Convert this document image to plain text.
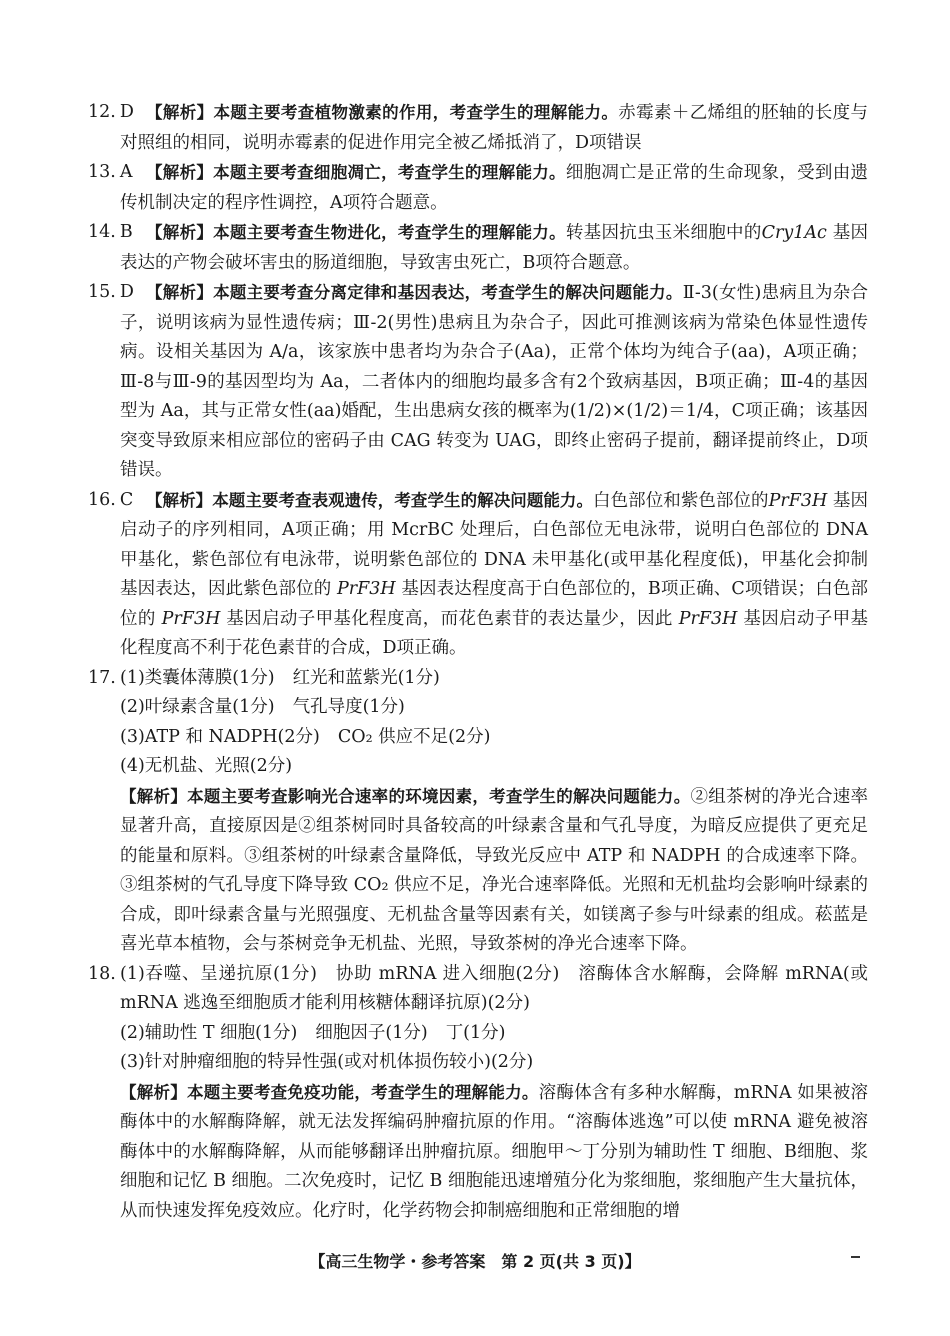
12. D 【解析】本题主要考查植物激素的作用，考查学生的理解能力。赤霉素＋乙烯组的胚轴的长度与对照组的相同，说明赤霉素的促进作用完全被乙烯抵消了，D项错误

13. A 【解析】本题主要考查细胞凋亡，考查学生的理解能力。细胞凋亡是正常的生命现象，受到由遗传机制决定的程序性调控，A项符合题意。

14. B 【解析】本题主要考查生物进化，考查学生的理解能力。转基因抗虫玉米细胞中的Cry1Ac 基因表达的产物会破坏害虫的肠道细胞，导致害虫死亡，B项符合题意。

15. D 【解析】本题主要考查分离定律和基因表达，考查学生的解决问题能力。Ⅱ-3(女性)患病且为杂合子，说明该病为显性遗传病；Ⅲ-2(男性)患病且为杂合子，因此可推测该病为常染色体显性遗传病。设相关基因为 A/a，该家族中患者均为杂合子(Aa)，正常个体均为纯合子(aa)，A项正确；Ⅲ-8与Ⅲ-9的基因型均为 Aa，二者体内的细胞均最多含有2个致病基因，B项正确；Ⅲ-4的基因型为 Aa，其与正常女性(aa)婚配，生出患病女孩的概率为(1/2)×(1/2)＝1/4，C项正确；该基因突变导致原来相应部位的密码子由 CAG 转变为 UAG，即终止密码子提前，翻译提前终止，D项错误。

16. C 【解析】本题主要考查表观遗传，考查学生的解决问题能力。白色部位和紫色部位的PrF3H 基因启动子的序列相同，A项正确；用 McrBC 处理后，白色部位无电泳带，说明白色部位的 DNA 甲基化，紫色部位有电泳带，说明紫色部位的 DNA 未甲基化(或甲基化程度低)，甲基化会抑制基因表达，因此紫色部位的 PrF3H 基因表达程度高于白色部位的，B项正确、C项错误；白色部位的 PrF3H 基因启动子甲基化程度高，而花色素苷的表达量少，因此 PrF3H 基因启动子甲基化程度高不利于花色素苷的合成，D项正确。

17. (1)类囊体薄膜(1分) 红光和蓝紫光(1分)

(2)叶绿素含量(1分) 气孔导度(1分)

(3)ATP 和 NADPH(2分) CO₂ 供应不足(2分)

(4)无机盐、光照(2分)

【解析】本题主要考查影响光合速率的环境因素，考查学生的解决问题能力。②组茶树的净光合速率显著升高，直接原因是②组茶树同时具备较高的叶绿素含量和气孔导度，为暗反应提供了更充足的能量和原料。③组茶树的叶绿素含量降低，导致光反应中 ATP 和 NADPH 的合成速率下降。③组茶树的气孔导度下降导致 CO₂ 供应不足，净光合速率降低。光照和无机盐均会影响叶绿素的合成，即叶绿素含量与光照强度、无机盐含量等因素有关，如镁离子参与叶绿素的组成。菘蓝是喜光草本植物，会与茶树竞争无机盐、光照，导致茶树的净光合速率下降。

18. (1)吞噬、呈递抗原(1分)　协助 mRNA 进入细胞(2分)　溶酶体含水解酶，会降解 mRNA(或 mRNA 逃逸至细胞质才能利用核糖体翻译抗原)(2分)

(2)辅助性 T 细胞(1分) 细胞因子(1分) 丁(1分)

(3)针对肿瘤细胞的特异性强(或对机体损伤较小)(2分)

【解析】本题主要考查免疫功能，考查学生的理解能力。溶酶体含有多种水解酶，mRNA 如果被溶酶体中的水解酶降解，就无法发挥编码肿瘤抗原的作用。“溶酶体逃逸”可以使 mRNA 避免被溶酶体中的水解酶降解，从而能够翻译出肿瘤抗原。细胞甲～丁分别为辅助性 T 细胞、B细胞、浆细胞和记忆 B 细胞。二次免疫时，记忆 B 细胞能迅速增殖分化为浆细胞，浆细胞产生大量抗体，从而快速发挥免疫效应。化疗时，化学药物会抑制癌细胞和正常细胞的增

【高三生物学・参考答案　第 2 页(共 3 页)】
